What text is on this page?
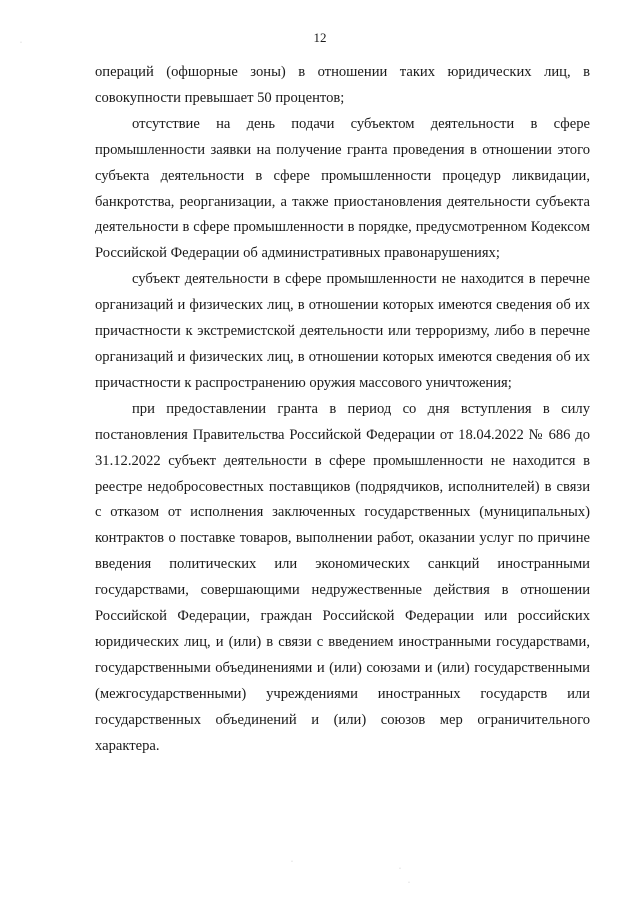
12

операций (офшорные зоны) в отношении таких юридических лиц, в совокупности превышает 50 процентов;

отсутствие на день подачи субъектом деятельности в сфере промышленности заявки на получение гранта проведения в отношении этого субъекта деятельности в сфере промышленности процедур ликвидации, банкротства, реорганизации, а также приостановления деятельности субъекта деятельности в сфере промышленности в порядке, предусмотренном Кодексом Российской Федерации об административных правонарушениях;

субъект деятельности в сфере промышленности не находится в перечне организаций и физических лиц, в отношении которых имеются сведения об их причастности к экстремистской деятельности или терроризму, либо в перечне организаций и физических лиц, в отношении которых имеются сведения об их причастности к распространению оружия массового уничтожения;

при предоставлении гранта в период со дня вступления в силу постановления Правительства Российской Федерации от 18.04.2022 № 686 до 31.12.2022 субъект деятельности в сфере промышленности не находится в реестре недобросовестных поставщиков (подрядчиков, исполнителей) в связи с отказом от исполнения заключенных государственных (муниципальных) контрактов о поставке товаров, выполнении работ, оказании услуг по причине введения политических или экономических санкций иностранными государствами, совершающими недружественные действия в отношении Российской Федерации, граждан Российской Федерации или российских юридических лиц, и (или) в связи с введением иностранными государствами, государственными объединениями и (или) союзами и (или) государственными (межгосударственными) учреждениями иностранных государств или государственных объединений и (или) союзов мер ограничительного характера.

·
·
·
·
